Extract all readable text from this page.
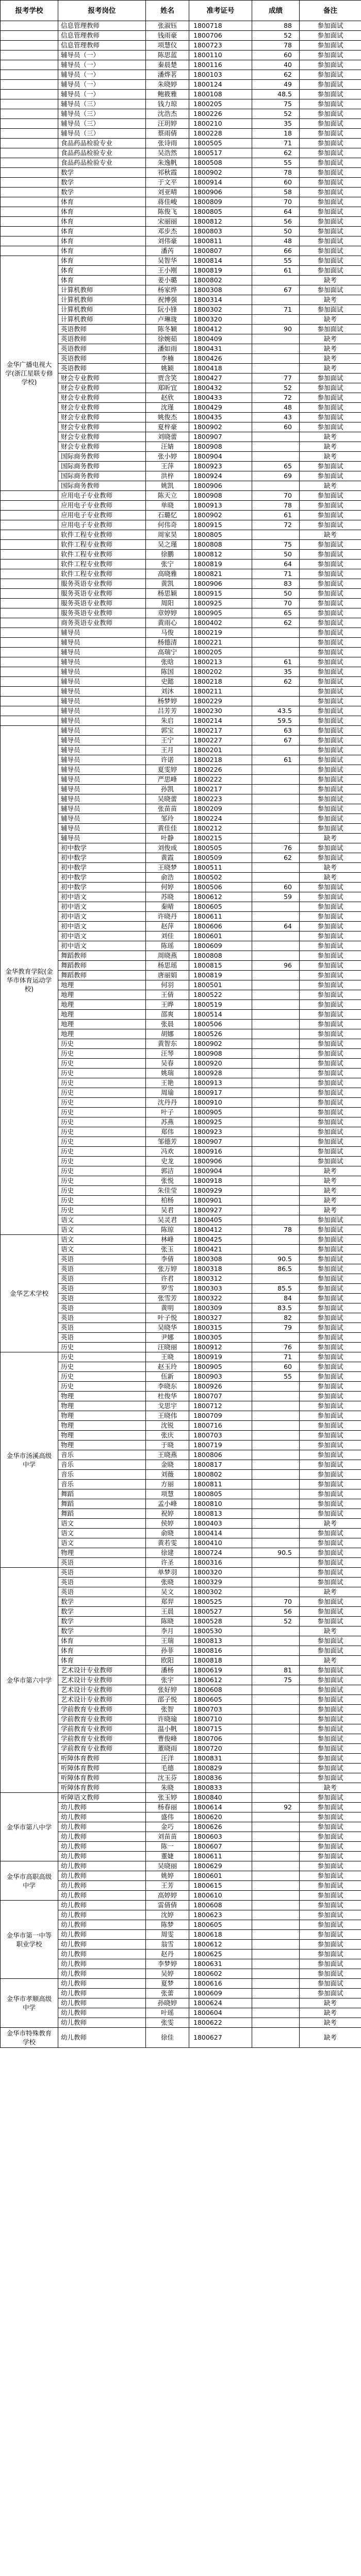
报考学校	报考岗位	姓名	准考证号	成绩	备注
	信息管理教师	张淑钰	1800718	88	参加面试
	信息管理教师	钱雨豪	1800706	52	参加面试
	信息管理教师	项慧仪	1800723	78	参加面试
	辅导员（一）	陈思蓝	1800110	60	参加面试
	辅导员（一）	秦晨楚	1800116	40	参加面试
	辅导员（一）	潘烨茗	1800103	62	参加面试
	辅导员（一）	朱晓婷	1800124	49	参加面试
	辅导员（一）	鲍筱雅	1800108	48.5	参加面试
	辅导员（三）	钱力琼	1800205	75	参加面试
	辅导员（三）	沈浩杰	1800226	52	参加面试
	辅导员（三）	汪玥婷	1800210	35	参加面试
	辅导员（三）	蔡雨倩	1800228	18	参加面试
	食品药品检验专业	张诗雨	1800505	71	参加面试
	食品药品检验专业	吴浩然	1800517	62	参加面试
	食品药品检验专业	朱逸帆	1800508	55	参加面试
	数学	祁秋霞	1800902	78	参加面试
	数学	于文平	1800914	60	参加面试
	数学	刘亚晴	1800906	58	参加面试
	体育	蒋佳峻	1800809	70	参加面试
	体育	陈俊飞	1800805	64	参加面试
	体育	宋丽丽	1800812	56	参加面试
	体育	邓步杰	1800803	50	参加面试
	体育	刘伟豪	1800811	48	参加面试
	体育	潘芮	1800807	66	参加面试
金华广播电视大学(浙江星联专修学校)	体育	吴智华	1800814	55	参加面试
	体育	王小刚	1800819	61	参加面试
	体育	姜小璐	1800802		缺考
	计算机教师	杨家烨	1800308	67	参加面试
	计算机教师	祝博强	1800314		缺考
	计算机教师	阮小锋	1800302	71	参加面试
	计算机教师	卢琳珑	1800320		缺考
	英语教师	陈冬颖	1800412	90	参加面试
	英语教师	徐婉茹	1800409		缺考
	英语教师	潘如雨	1800431		缺考
	英语教师	李楠	1800426		缺考
	英语教师	姚颖	1800418		缺考
	财会专业教师	贾含笑	1800427	77	参加面试
	财会专业教师	郑昕宜	1800432	52	参加面试
	财会专业教师	赵欣	1800433	72	参加面试
	财会专业教师	沈瑾	1800429	48	参加面试
	财会专业教师	姚俊杰	1800435	43	参加面试
	财会专业教师	夏梓豪	1800902	60	参加面试
	财会专业教师	刘晓蕾	1800907		缺考
	财会专业教师	汪婧	1800908		缺考
	国际商务教师	张小婷	1800904		缺考
	国际商务教师	王萍	1800923	65	参加面试
	国际商务教师	洪梓	1800924	69	参加面试
	国际商务教师	姚凯	1800906		缺考
	应用电子专业教师	陈天立	1800908	70	参加面试
	应用电子专业教师	单晓	1800913	78	参加面试
	应用电子专业教师	石璐忆	1800902	61	参加面试
	应用电子专业教师	何伟奇	1800915	72	参加面试
	软件工程专业教师	周家昊	1800805		缺考
	软件工程专业教师	吴之瑾	1800808	75	参加面试
	软件工程专业教师	徐鹏	1800812	50	参加面试
	软件工程专业教师	张宁	1800819	64	参加面试
	软件工程专业教师	高晓雅	1800821	71	参加面试
	服务英语专业教师	黄凯	1800906	83	参加面试
	服务英语专业教师	杨思颖	1800915	50	参加面试
	服务英语专业教师	周阳	1800925	70	参加面试
	服务英语专业教师	章婷婷	1800905	65	参加面试
	商务英语专业教师	黄雨心	1800402	62	参加面试
	辅导员	马俊	1800219		参加面试
	辅导员	杨德清	1800221		参加面试
	辅导员	高瑞宁	1800205		参加面试
	辅导员	张晗	1800213	61	参加面试
	辅导员	陈国	1800202	35	参加面试
	辅导员	史懿	1800218	62	参加面试
	辅导员	刘沐	1800211		参加面试
	辅导员	杨梦婷	1800229		参加面试
	辅导员	吕芳芳	1800230	43.5	参加面试
	辅导员	朱启	1800214	59.5	参加面试
金华教育学院(金华市体育运动学校)	辅导员	郭宝	1800217	63	参加面试
	辅导员	王宁	1800227	67	参加面试
	辅导员	王月	1800201		参加面试
	辅导员	许诺	1800218	61	参加面试
	辅导员	夏雯婷	1800226		参加面试
	辅导员	严思峰	1800222		参加面试
	辅导员	孙凯	1800217		参加面试
	辅导员	吴晓蕾	1800223		参加面试
	辅导员	张苗苗	1800209		参加面试
	辅导员	邹玲	1800224		参加面试
	辅导员	黄佳佳	1800212		参加面试
	辅导员	叶静	1800215		缺考
	初中数学	刘俊成	1800505	76	参加面试
	初中数学	黄霞	1800509	62	参加面试
	初中数学	王晓梦	1800511		缺考
	初中数学	俞浩	1800502		缺考
	初中数学	何婷	1800506	60	参加面试
	初中语文	苏晓	1800612	59	参加面试
	初中语文	秦晴	1800605		参加面试
	初中语文	许晓丹	1800611		参加面试
	初中语文	赵萍	1800606	64	参加面试
	初中语文	刘佳	1800601		参加面试
	初中语文	陈瑶	1800609		参加面试
	舞蹈教师	周晓燕	1800808		参加面试
	舞蹈教师	杨思瑶	1800815	96	参加面试
	舞蹈教师	唐丽娟	1800819		参加面试
	地理	何羽	1800501		参加面试
	地理	王倩	1800522		参加面试
	地理	王晔	1800519		参加面试
	地理	邵爽	1800514		参加面试
	地理	张晨	1800506		参加面试
	地理	胡娜	1800526		参加面试
	历史	黄智东	1800902		参加面试
	历史	汪琴	1800908		参加面试
	历史	吴春	1800920		参加面试
	历史	姚瑞	1800928		参加面试
	历史	王艳	1800913		参加面试
	历史	周瑜	1800917		参加面试
	历史	沈丹丹	1800910		参加面试
	历史	叶子	1800905		参加面试
	历史	苏燕	1800925		参加面试
	历史	郑伟	1800923		参加面试
	历史	邹德芳	1800907		参加面试
	历史	冯欢	1800916		参加面试
	历史	史龙	1800906		参加面试
	历史	郭洁	1800904		缺考
	历史	张悦	1800918		缺考
	历史	朱佳莹	1800929		缺考
	历史	柏杨	1800901		缺考
	历史	吴君	1800927		缺考
	语文	吴灵君	1800405		参加面试
	语文	陈琼	1800412	78	参加面试
金华艺术学校	语文	林峰	1800425		参加面试
	语文	张玉	1800421		参加面试
	英语	李倩	1800308	90.5	参加面试
	英语	张万婷	1800318	86.5	参加面试
	英语	许君	1800312		参加面试
	英语	罗雪	1800303	85.5	参加面试
	英语	张雪芳	1800322	84	参加面试
	英语	黄明	1800309	83.5	参加面试
	英语	叶子悦	1800327	82	参加面试
	英语	吴晓华	1800315	79	参加面试
	英语	尹娜	1800305		参加面试
	历史	汪晓丽	1800912	76	参加面试
金华市汤溪高级中学	历史	王晓	1800919	71	参加面试
	历史	赵玉玲	1800905	60	参加面试
	历史	伍新	1800903	55	参加面试
	历史	李晓东	1800926		参加面试
	物理	杜俊华	1800707		参加面试
	物理	戈思宇	1800712		参加面试
	物理	王晓伟	1800709		参加面试
	物理	沈锐	1800716		参加面试
	物理	张庆	1800703		参加面试
	物理	于晓	1800719		参加面试
	音乐	王晓燕	1800806		参加面试
	音乐	金晓	1800817		参加面试
	音乐	刘薇	1800802		参加面试
	音乐	方丽	1800811		参加面试
	舞蹈	项慧	1800805		参加面试
	舞蹈	孟小峰	1800810		参加面试
	舞蹈	祝婷	1800813		参加面试
	语文	侯婷	1800403		缺考
	语文	俞晓	1800414		参加面试
	语文	黄若雯	1800410		参加面试
	物理	徐建	1800724	90.5	参加面试
	英语	许圣	1800316		参加面试
金华市第六中学	英语	单梦羽	1800320		参加面试
	英语	张晓	1800329		参加面试
	英语	吴文	1800302		缺考
	数学	郑羿	1800525	70	参加面试
	数学	王晨	1800527	56	参加面试
	数学	陈晓	1800528	52	参加面试
	数学	李月	1800530		缺考
	体育	王瑞	1800813		参加面试
	体育	孙菲	1800816		参加面试
	体育	欧阳	1800818		缺考
	艺术设计专业教师	潘杨	1800619	81	参加面试
	艺术设计专业教师	张宇	1800612	75	参加面试
	艺术设计专业教师	张好婷	1800608		参加面试
	艺术设计专业教师	邵子悦	1800605		参加面试
	学前教育专业教师	张智	1800703		参加面试
	学前教育专业教师	许晓瑜	1800710		参加面试
	学前教育专业教师	温小帆	1800715		参加面试
	学前教育专业教师	曹俊峰	1800706		参加面试
	学前教育专业教师	董晓雨	1800720		参加面试
	听障体育教师	汪洋	1800831		参加面试
	听障体育教师	毛德	1800829		参加面试
	听障体育教师	沈玉芬	1800836		参加面试
	听障体育教师	朱晓	1800833		缺考
金华市第八中学	听障语文教师	张玉婷	1800840		参加面试
	幼儿教师	杨春丽	1800614	92	参加面试
	幼儿教师	盛伟	1800620		参加面试
	幼儿教师	金巧	1800626		参加面试
	幼儿教师	刘苗苗	1800603		参加面试
	幼儿教师	陈一	1800607		参加面试
	幼儿教师	董婕	1800611		参加面试
金华市高职高级中学	幼儿教师	吴晓丽	1800629		参加面试
	幼儿教师	姚婷	1800601		参加面试
	幼儿教师	王芳	1800615		参加面试
	幼儿教师	高婷婷	1800610		参加面试
金华市第一中等职业学校	幼儿教师	雷倩倩	1800608		参加面试
	幼儿教师	沈婷	1800623		参加面试
	幼儿教师	陈梦	1800605		参加面试
	幼儿教师	周雯	1800618		参加面试
	幼儿教师	翁雪	1800612		参加面试
	幼儿教师	赵丹	1800625		参加面试
	幼儿教师	李梦婷	1800631		参加面试
	幼儿教师	吴婷	1800602		参加面试
金华市孝顺高级中学	幼儿教师	夏梦	1800616		参加面试
	幼儿教师	张蕾	1800609		参加面试
	幼儿教师	孙晓婷	1800624		缺考
	幼儿教师	叶瑶	1800604		缺考
	幼儿教师	张雯	1800622		缺考
金华市特殊教育学校	幼儿教师	徐佳	1800627		缺考
